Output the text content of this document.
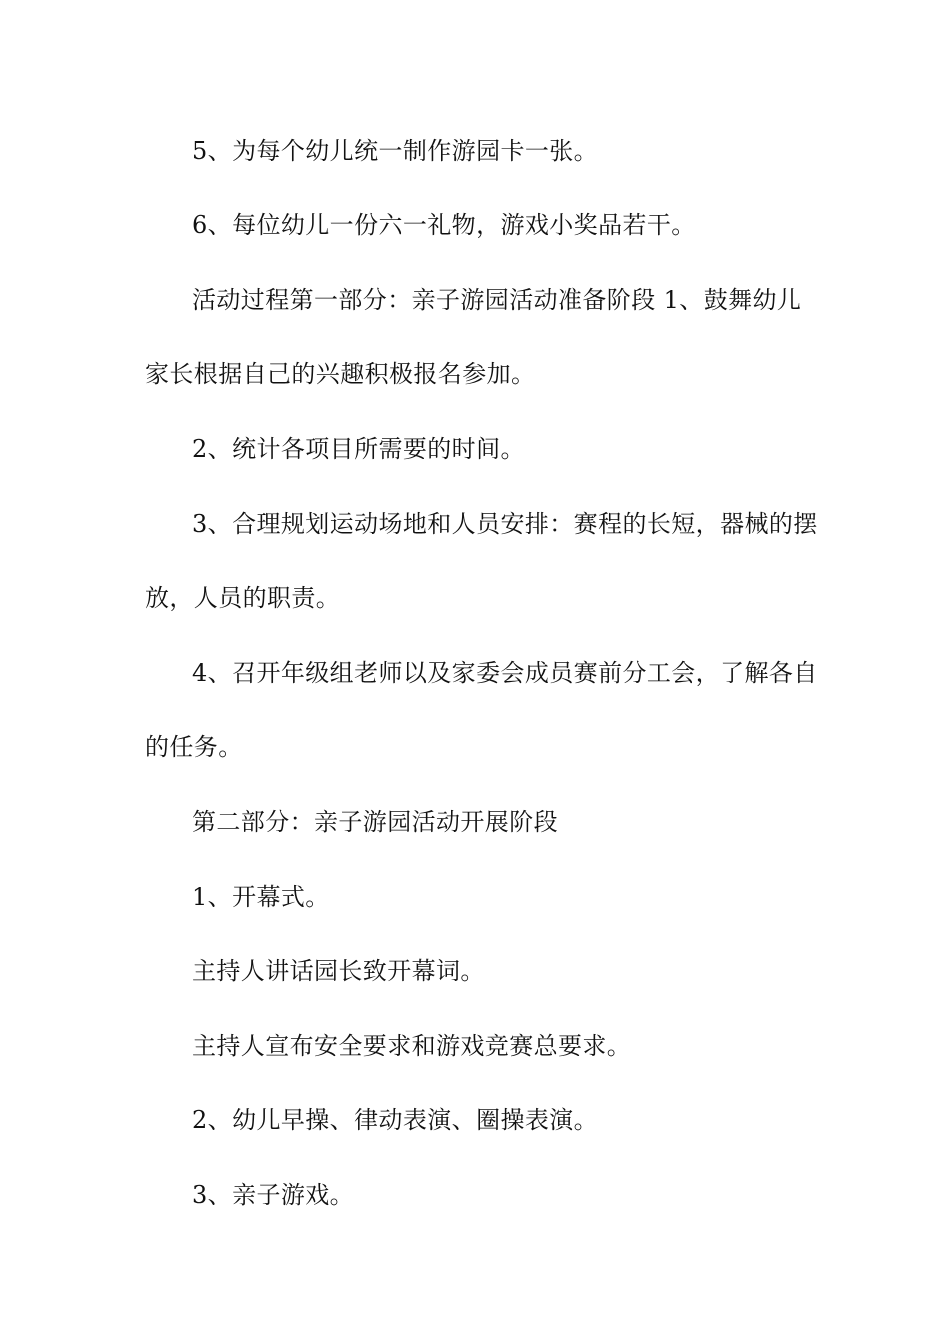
5、为每个幼儿统一制作游园卡一张。
6、每位幼儿一份六一礼物，游戏小奖品若干。
活动过程第一部分：亲子游园活动准备阶段 1、鼓舞幼儿
家长根据自己的兴趣积极报名参加。
2、统计各项目所需要的时间。
3、合理规划运动场地和人员安排：赛程的长短，器械的摆
放，人员的职责。
4、召开年级组老师以及家委会成员赛前分工会，了解各自
的任务。
第二部分：亲子游园活动开展阶段
1、开幕式。
主持人讲话园长致开幕词。
主持人宣布安全要求和游戏竞赛总要求。
2、幼儿早操、律动表演、圈操表演。
3、亲子游戏。
